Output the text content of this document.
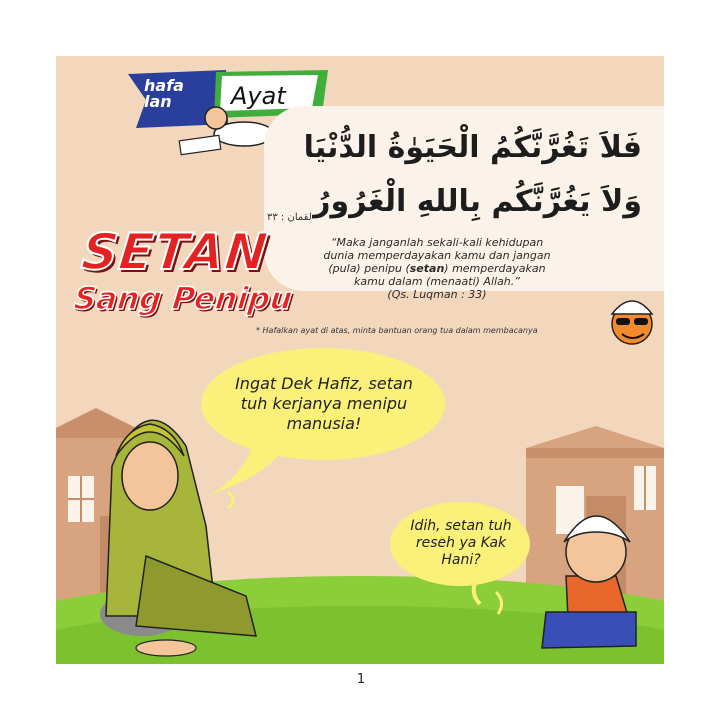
فَلاَ تَغُرَّنَّكُمُ الْحَيَوٰةُ الدُّنْيَا
وَلاَ يَغُرَّنَّكُم بِاللهِ الْغَرُورُ
لقمان : ٣٣
“Maka janganlah sekali-kali kehidupan dunia memperdayakan kamu dan jangan (pula) penipu (setan) memperdayakan kamu dalam (menaati) Allah.”
(Qs. Luqman : 33)
hafa lan	Ayat
SETAN
Sang Penipu
* Hafalkan ayat di atas, minta bantuan orang tua dalam membacanya
Ingat Dek Hafiz, setan tuh kerjanya menipu manusia!
Idih, setan tuh reseh ya Kak Hani?
1
